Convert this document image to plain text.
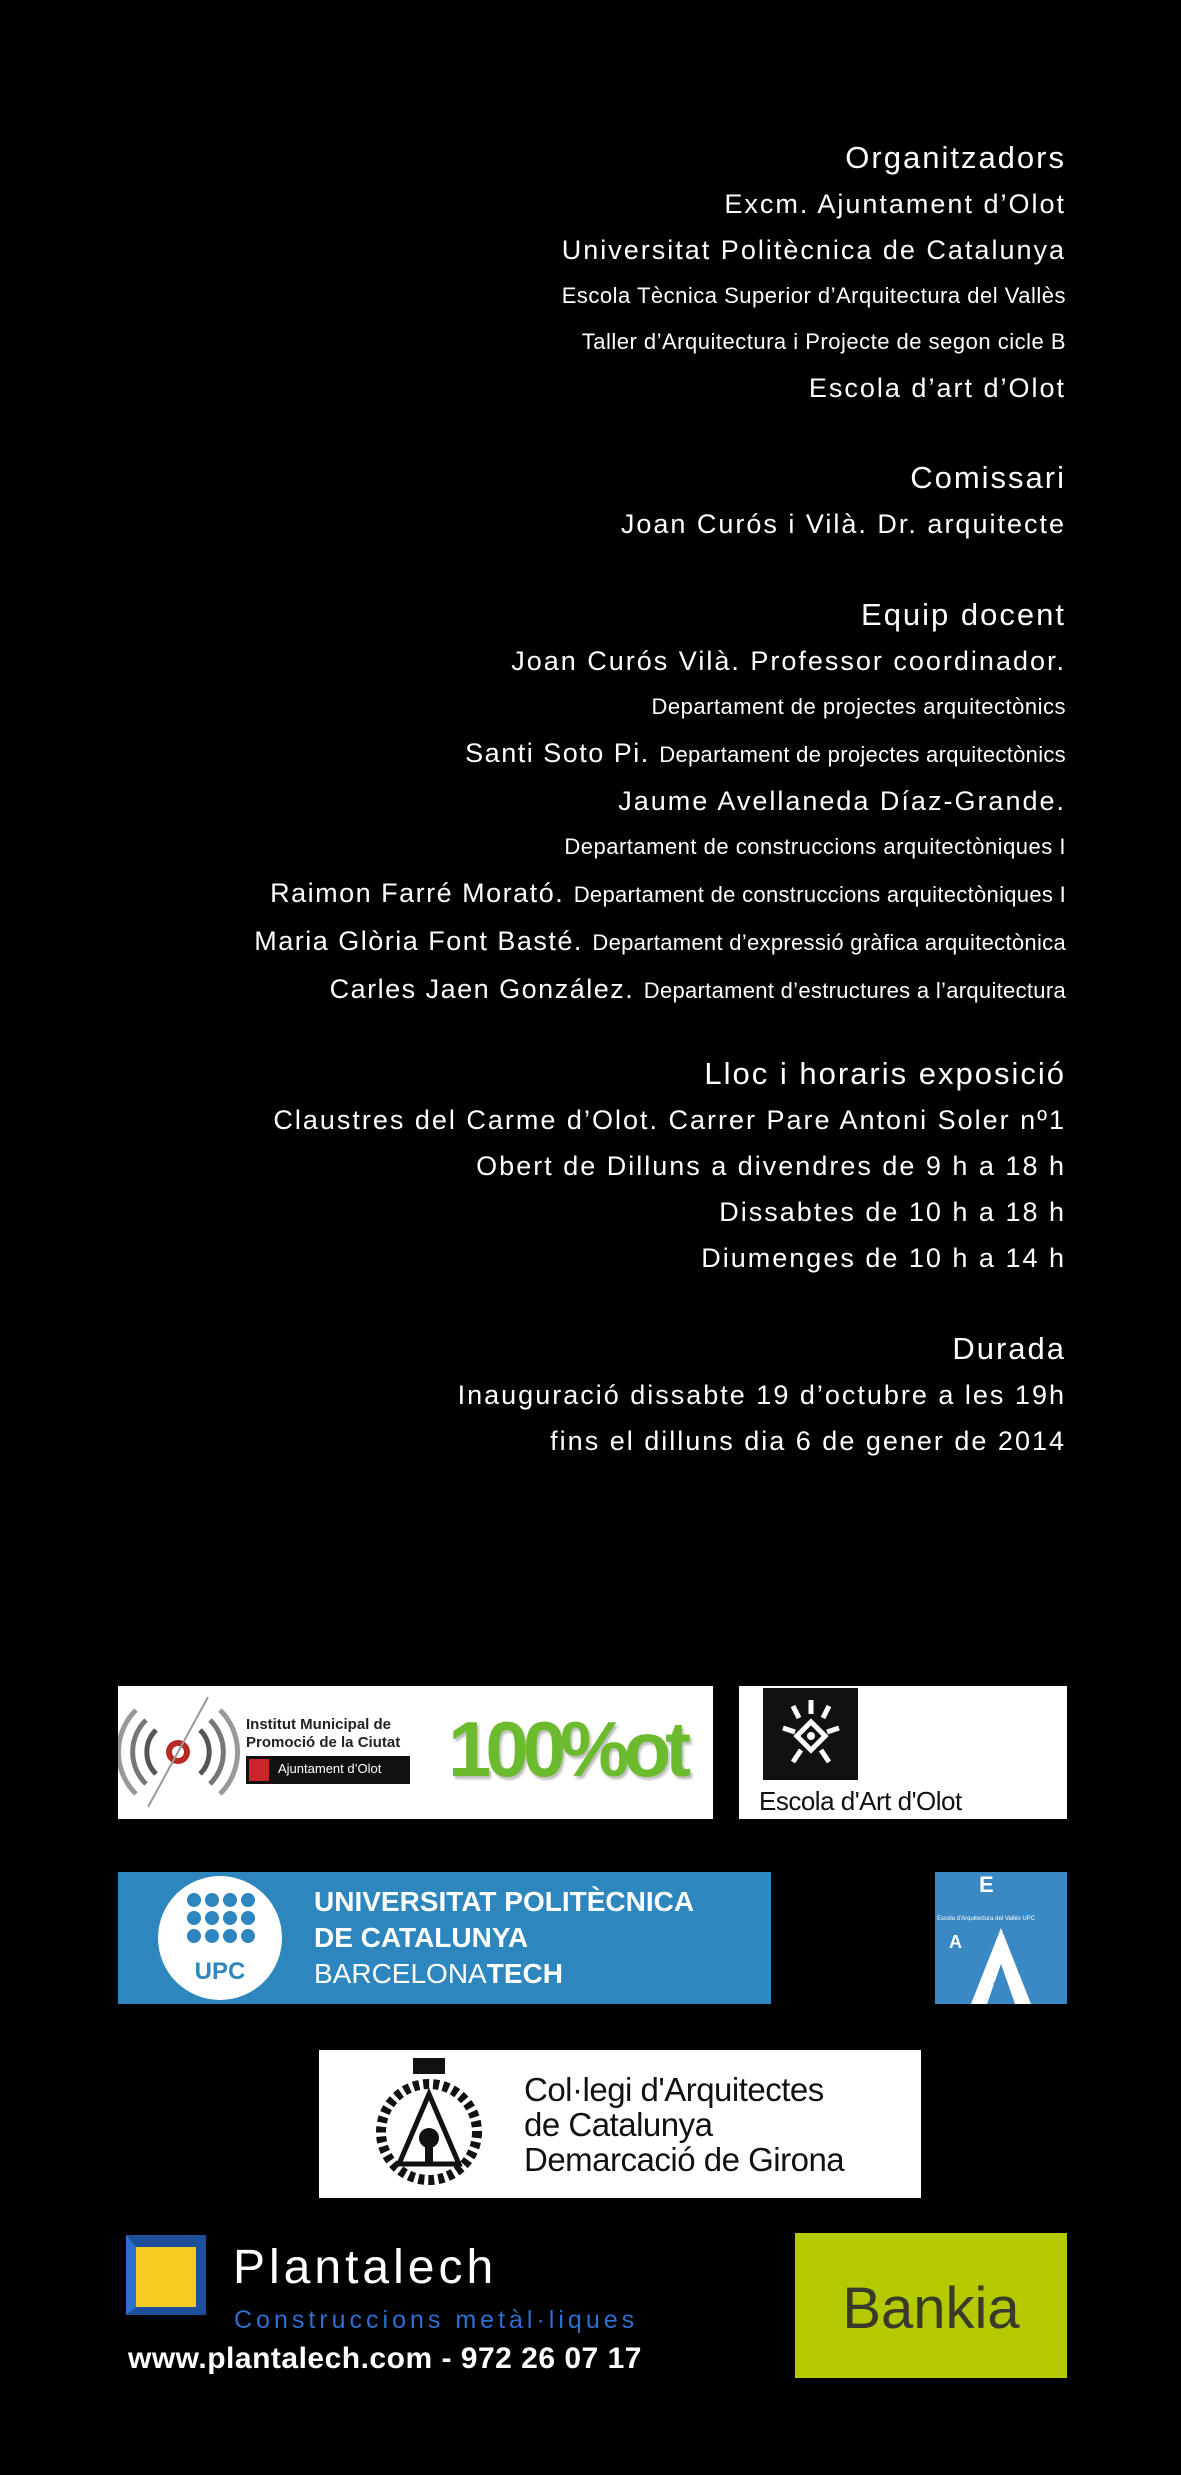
Organitzadors

Excm. Ajuntament d’Olot

Universitat Politècnica de Catalunya

Escola Tècnica Superior d’Arquitectura del Vallès

Taller d’Arquitectura i Projecte de segon cicle B

Escola d’art d’Olot

Comissari

Joan Curós i Vilà. Dr. arquitecte

Equip docent

Joan Curós Vilà. Professor coordinador.

Departament de projectes arquitectònics

Santi Soto Pi. Departament de projectes arquitectònics

Jaume Avellaneda Díaz-Grande.

Departament de construccions arquitectòniques I

Raimon Farré Morató. Departament de construccions arquitectòniques I

Maria Glòria Font Basté. Departament d’expressió gràfica arquitectònica

Carles Jaen González. Departament d’estructures a l’arquitectura

Lloc i horaris exposició

Claustres del Carme d’Olot. Carrer Pare Antoni Soler nº1

Obert de Dilluns a divendres de 9 h a 18 h

Dissabtes de 10 h a 18 h

Diumenges de 10 h a 14 h

Durada

Inauguració dissabte 19 d’octubre a les 19h

fins el dilluns dia 6 de gener de 2014

Institut Municipal de
Promoció de la Ciutat
Ajuntament d’Olot 100%ot
Escola d'Art d'Olot
UPC
UNIVERSITAT POLITÈCNICA
DE CATALUNYA
BARCELONATECH
Escola d'Arquitectura del Vallès UPC
E
A
V
Col·legi d'Arquitectes
de Catalunya
Demarcació de Girona
Plantalech
Construccions metàl·liques
www.plantalech.com - 972 26 07 17
Bankia
